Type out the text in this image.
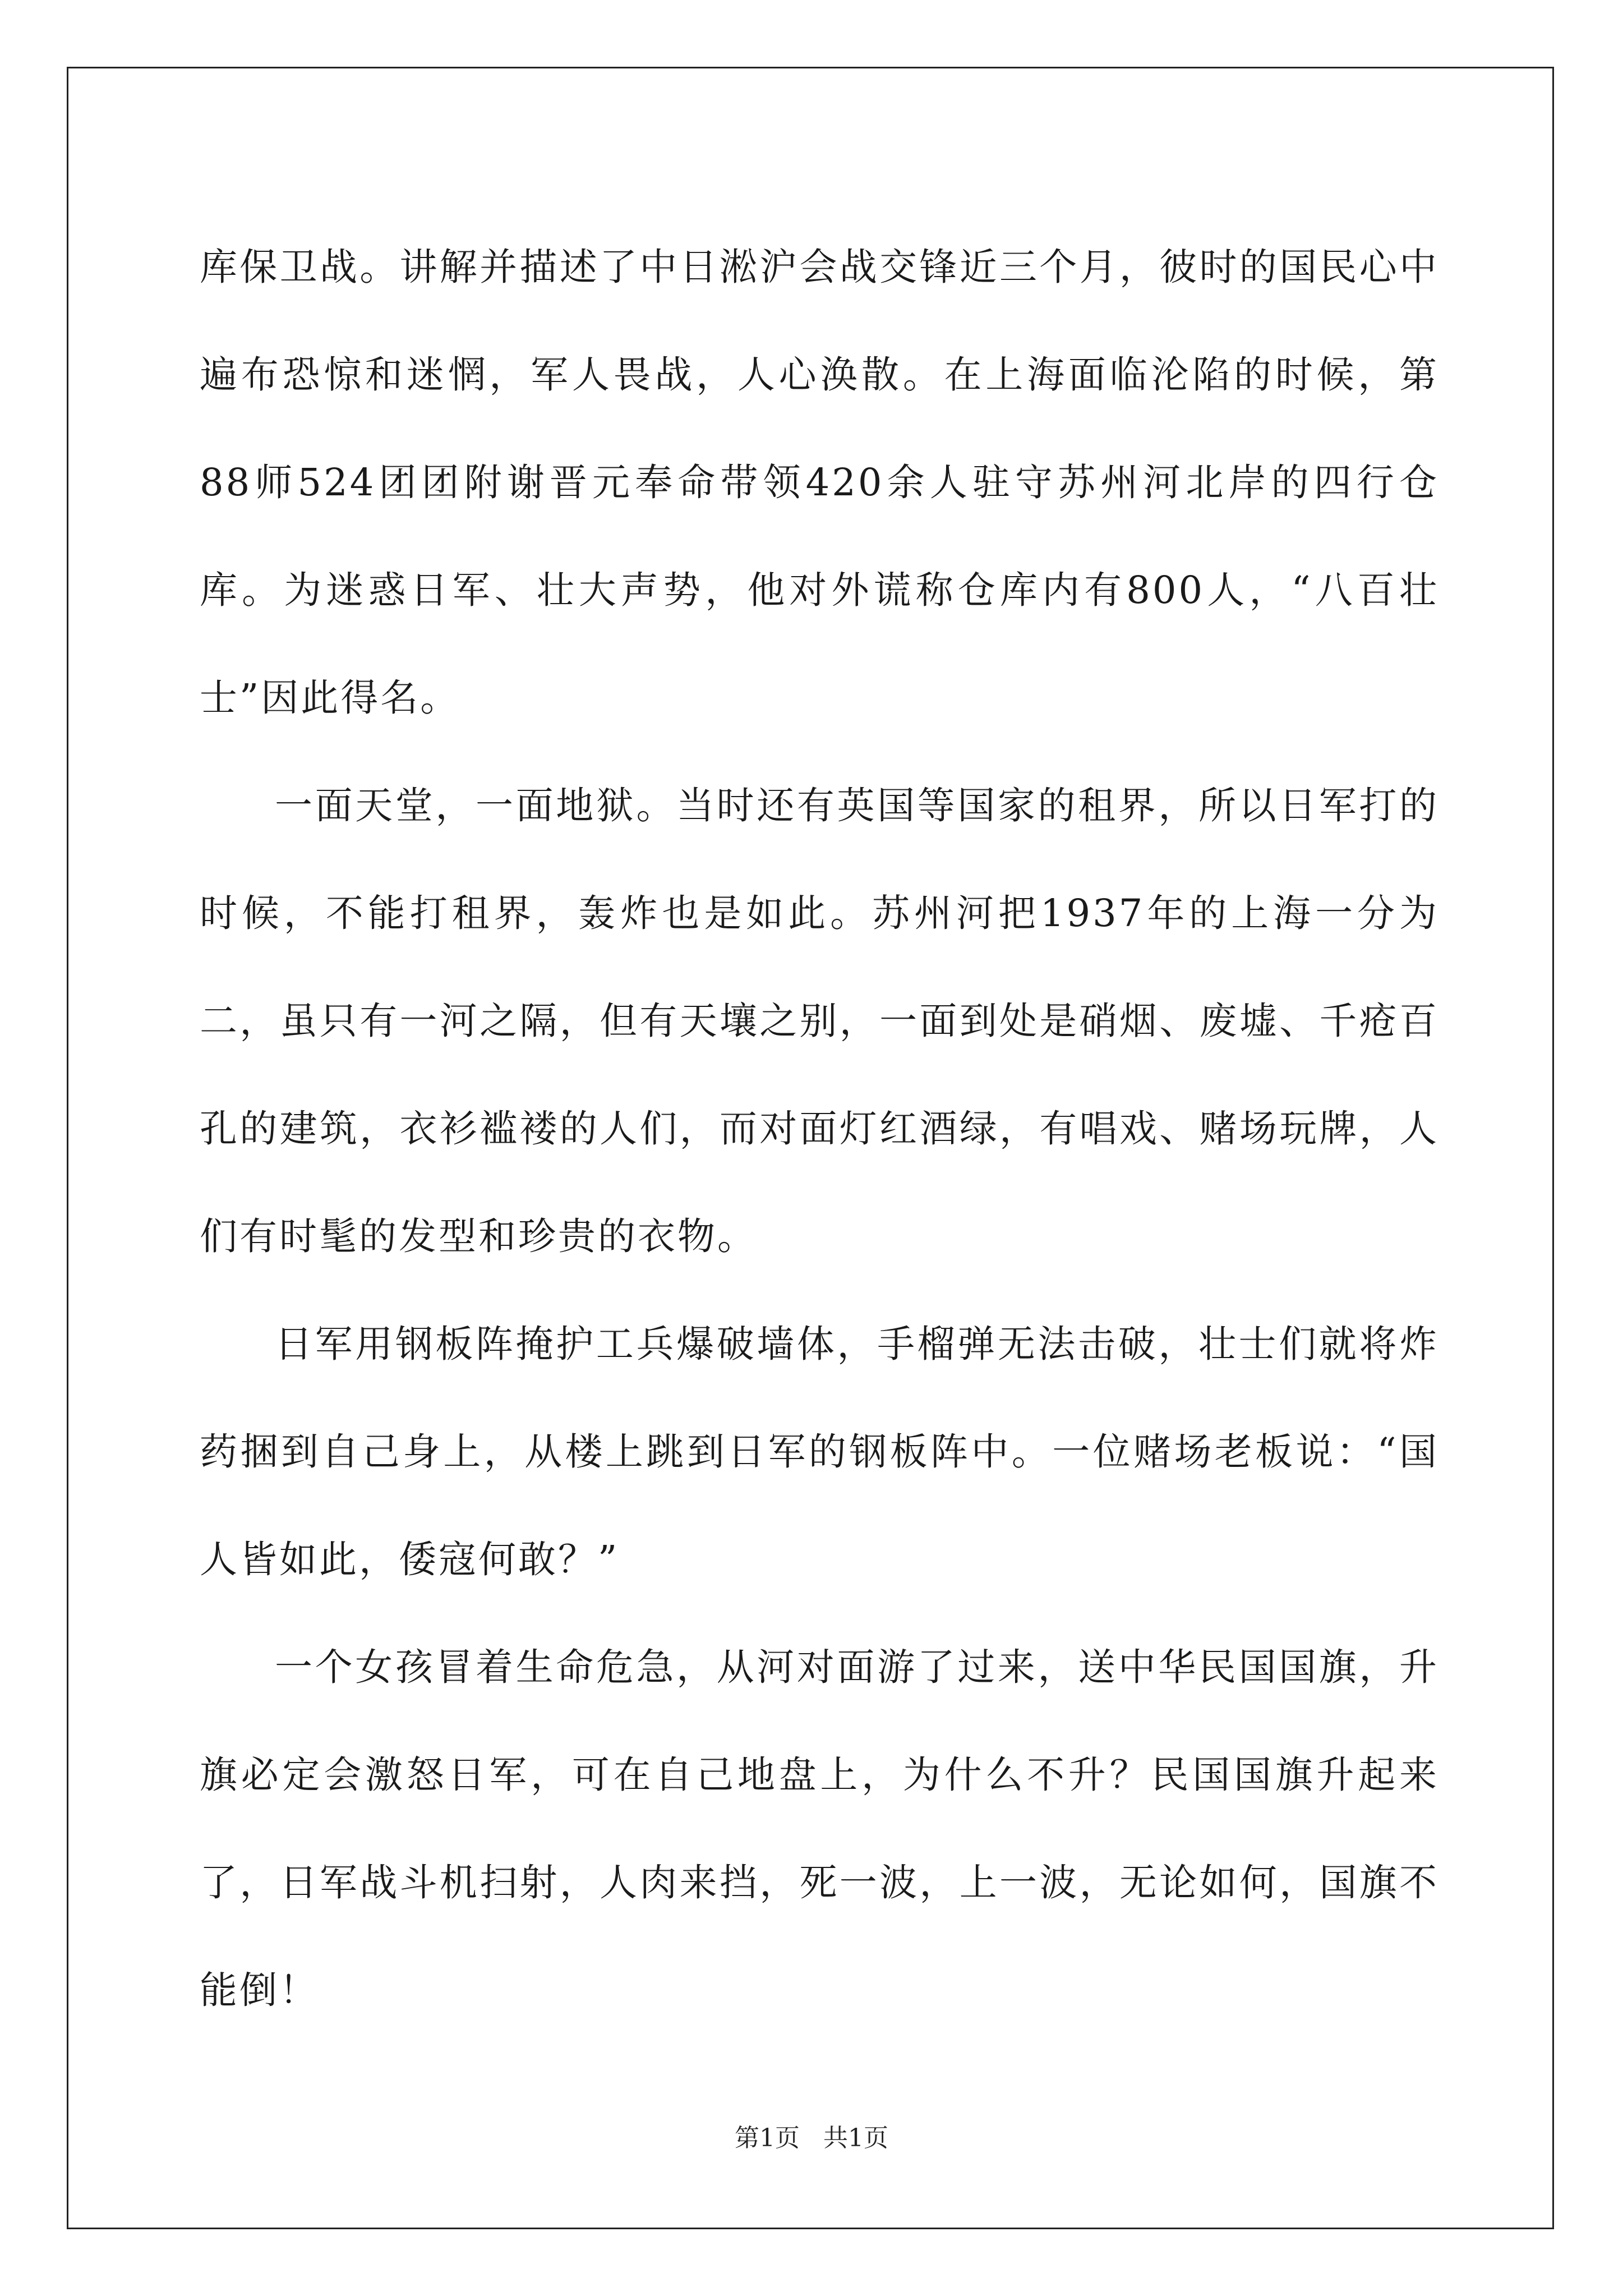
库保卫战。讲解并描述了中日淞沪会战交锋近三个月，彼时的国民心中遍布恐惊和迷惘，军人畏战，人心涣散。在上海面临沦陷的时候，第88师524团团附谢晋元奉命带领420余人驻守苏州河北岸的四行仓库。为迷惑日军、壮大声势，他对外谎称仓库内有800人，“八百壮士”因此得名。

一面天堂，一面地狱。当时还有英国等国家的租界，所以日军打的时候，不能打租界，轰炸也是如此。苏州河把1937年的上海一分为二，虽只有一河之隔，但有天壤之别，一面到处是硝烟、废墟、千疮百孔的建筑，衣衫褴褛的人们，而对面灯红酒绿，有唱戏、赌场玩牌，人们有时髦的发型和珍贵的衣物。

日军用钢板阵掩护工兵爆破墙体，手榴弹无法击破，壮士们就将炸药捆到自己身上，从楼上跳到日军的钢板阵中。一位赌场老板说：“国人皆如此，倭寇何敢？”

一个女孩冒着生命危急，从河对面游了过来，送中华民国国旗，升旗必定会激怒日军，可在自己地盘上，为什么不升？民国国旗升起来了，日军战斗机扫射，人肉来挡，死一波，上一波，无论如何，国旗不能倒！

第1页 共1页
